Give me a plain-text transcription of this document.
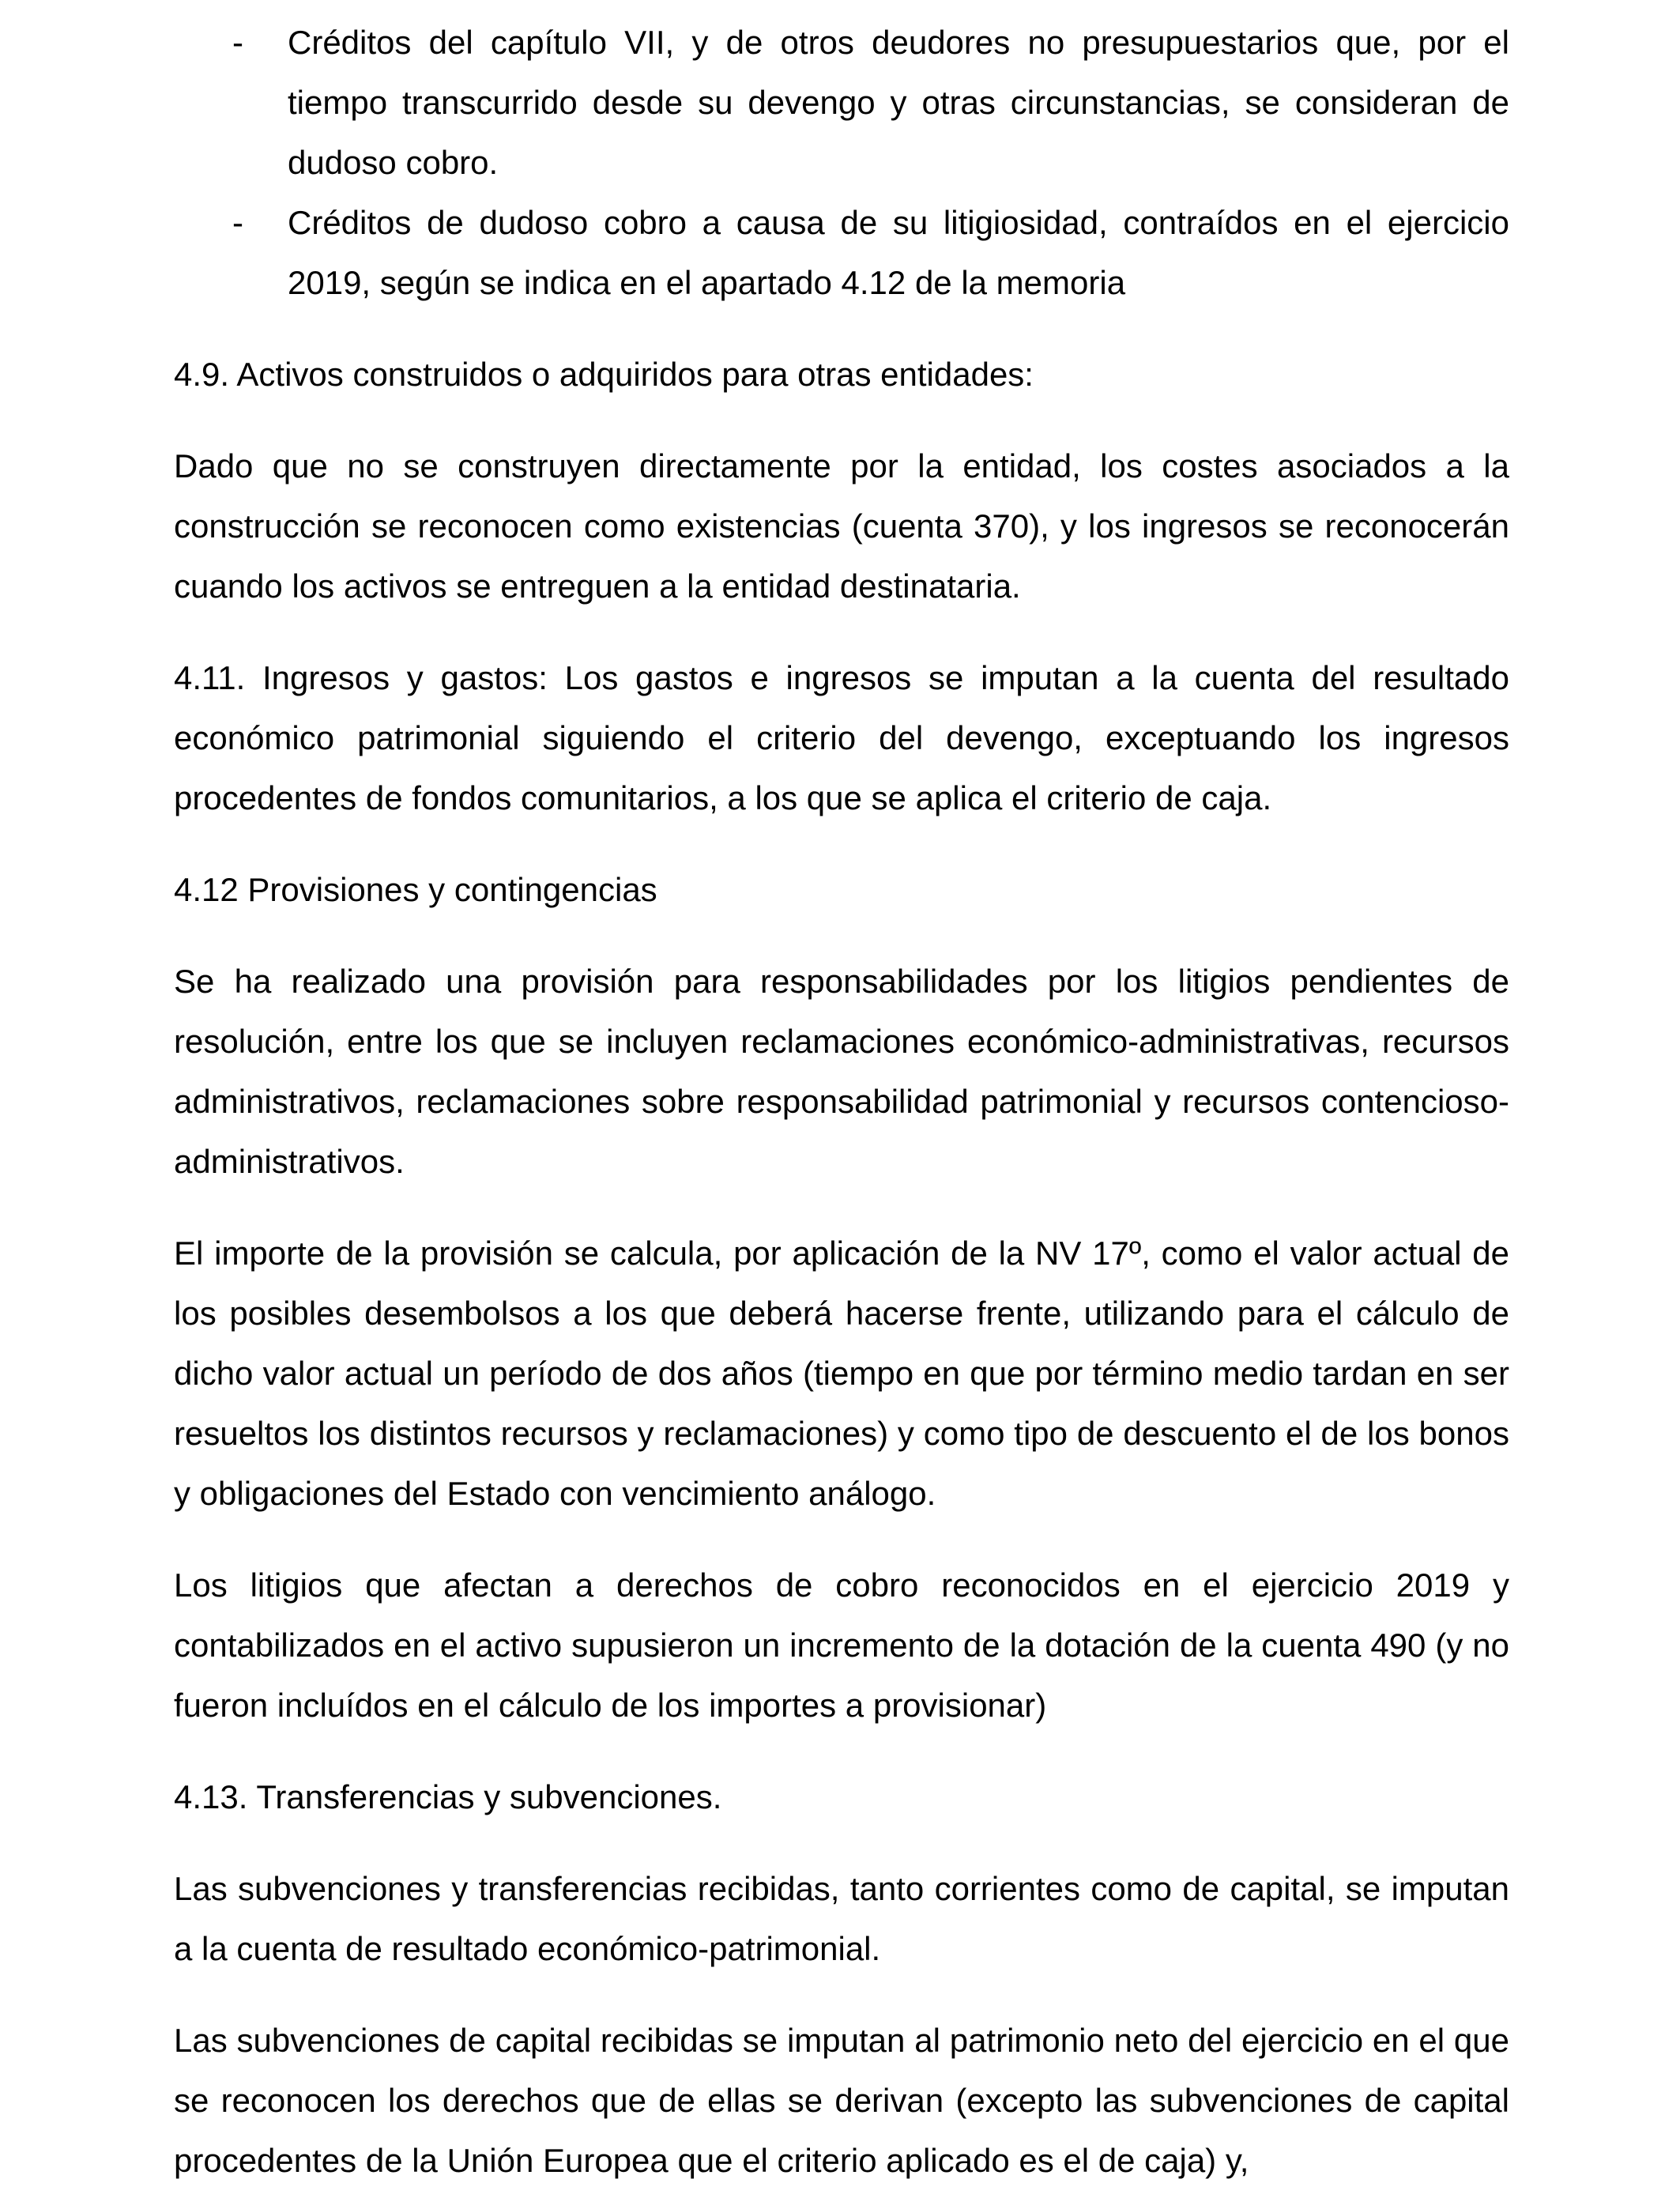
- Créditos del capítulo VII, y de otros deudores no presupuestarios que, por el tiempo transcurrido desde su devengo y otras circunstancias, se consideran de dudoso cobro.
- Créditos de dudoso cobro a causa de su litigiosidad, contraídos en el ejercicio 2019, según se indica en el apartado 4.12 de la memoria
4.9. Activos construidos o adquiridos para otras entidades:
Dado que no se construyen directamente por la entidad, los costes asociados a la construcción se reconocen como existencias (cuenta 370), y los ingresos se reconocerán cuando los activos se entreguen a la entidad destinataria.
4.11. Ingresos y gastos: Los gastos e ingresos se imputan a la cuenta del resultado económico patrimonial siguiendo el criterio del devengo, exceptuando los ingresos procedentes de fondos comunitarios, a los que se aplica el criterio de caja.
4.12 Provisiones y contingencias
Se ha realizado una provisión para responsabilidades por los litigios pendientes de resolución, entre los que se incluyen reclamaciones económico-administrativas, recursos administrativos, reclamaciones sobre responsabilidad patrimonial y recursos contencioso-administrativos.
El importe de la provisión se calcula, por aplicación de la NV 17º, como el valor actual de los posibles desembolsos a los que deberá hacerse frente, utilizando para el cálculo de dicho valor actual un período de dos años (tiempo en que por término medio tardan en ser resueltos los distintos recursos y reclamaciones) y como tipo de descuento el de los bonos y obligaciones del Estado con vencimiento análogo.
Los litigios que afectan a derechos de cobro reconocidos en el ejercicio 2019 y contabilizados en el activo supusieron un incremento de la dotación de la cuenta 490 (y no fueron incluídos en el cálculo de los importes a provisionar)
4.13. Transferencias y subvenciones.
Las subvenciones y transferencias recibidas, tanto corrientes como de capital, se imputan a la cuenta de resultado económico-patrimonial.
Las subvenciones de capital recibidas se imputan al patrimonio neto del ejercicio en el que se reconocen los derechos que de ellas se derivan (excepto las subvenciones de capital procedentes de la Unión Europea que el criterio aplicado es el de caja) y,
